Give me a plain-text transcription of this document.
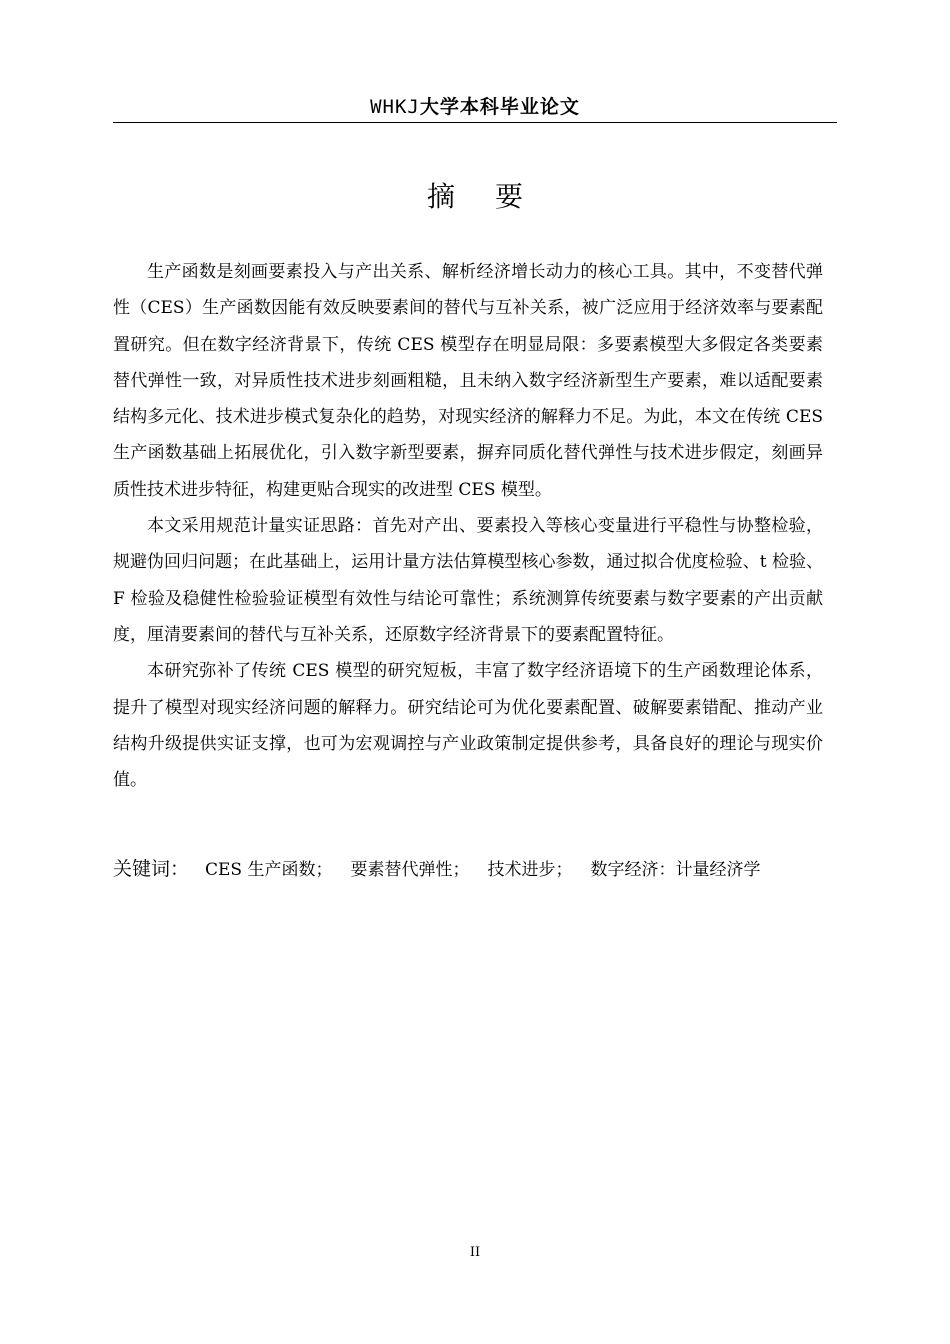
WHKJ大学本科毕业论文
摘要

生产函数是刻画要素投入与产出关系、解析经济增长动力的核心工具。其中，不变替代弹性（CES）生产函数因能有效反映要素间的替代与互补关系，被广泛应用于经济效率与要素配置研究。但在数字经济背景下，传统 CES 模型存在明显局限：多要素模型大多假定各类要素替代弹性一致，对异质性技术进步刻画粗糙，且未纳入数字经济新型生产要素，难以适配要素结构多元化、技术进步模式复杂化的趋势，对现实经济的解释力不足。为此，本文在传统 CES 生产函数基础上拓展优化，引入数字新型要素，摒弃同质化替代弹性与技术进步假定，刻画异质性技术进步特征，构建更贴合现实的改进型 CES 模型。

本文采用规范计量实证思路：首先对产出、要素投入等核心变量进行平稳性与协整检验，规避伪回归问题；在此基础上，运用计量方法估算模型核心参数，通过拟合优度检验、t 检验、F 检验及稳健性检验验证模型有效性与结论可靠性；系统测算传统要素与数字要素的产出贡献度，厘清要素间的替代与互补关系，还原数字经济背景下的要素配置特征。

本研究弥补了传统 CES 模型的研究短板，丰富了数字经济语境下的生产函数理论体系，提升了模型对现实经济问题的解释力。研究结论可为优化要素配置、破解要素错配、推动产业结构升级提供实证支撑，也可为宏观调控与产业政策制定提供参考，具备良好的理论与现实价值。

关键词： CES 生产函数； 要素替代弹性； 技术进步； 数字经济：计量经济学
II
